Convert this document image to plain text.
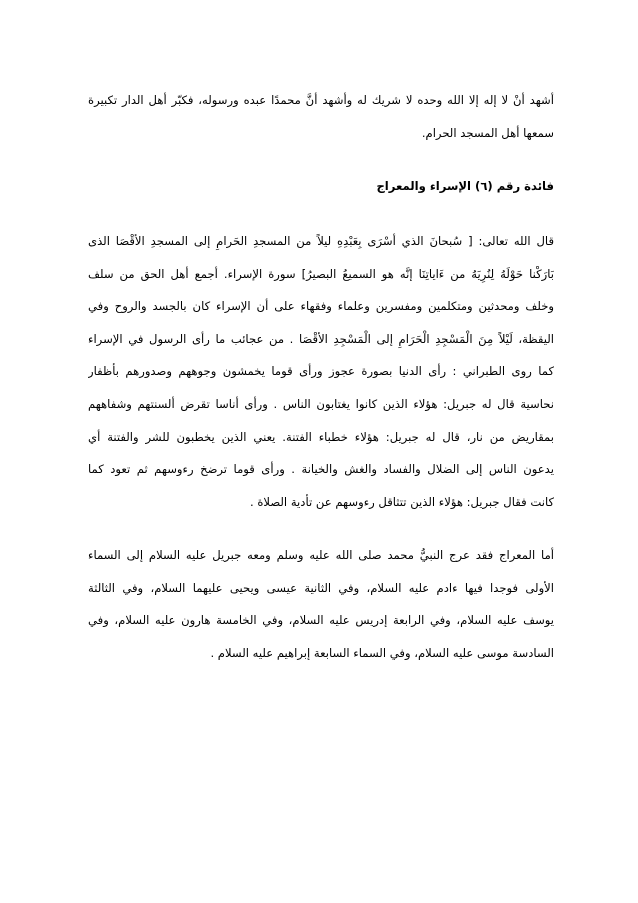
أشهد أنْ لا إله إلا الله وحده لا شريك له وأشهد أنَّ محمدًا عبده ورسوله، فكبّر أهل الدار تكبيرة
سمعها أهل المسجد الحرام.
فائدة رقم (٦) الإسراء والمعراج
قال الله تعالى: [ سُبحانَ الذي أسْرَى بِعَبْدِهِ ليلاً من المسجدِ الحَرامِ إلى المسجدِ الأقْصَا الذى
بَارَكْنا حَوْلَهُ لِنُرِيَهُ من ءَاياتِنَا إنَّه هو السميعُ البصيرُ] سورة الإسراء. أجمع أهل الحق من سلف
وخلف ومحدثين ومتكلمين ومفسرين وعلماء وفقهاء على أن الإسراء كان بالجسد والروح وفي
اليقظة، لَيْلاً مِنَ الْمَسْجِدِ الْحَرَامِ إلى الْمَسْجِدِ الأقْصَا . من عجائب ما رأى الرسول في الإسراء
كما روى الطبراني : رأى الدنيا بصورة عجوز ورأى قوما يخمشون وجوههم وصدورهم بأظفار
نحاسية قال له جبريل: هؤلاء الذين كانوا يغتابون الناس . ورأى أناسا تقرض ألسنتهم وشفاههم
بمقاريض من نار، قال له جبريل: هؤلاء خطباء الفتنة. يعني الذين يخطبون للشر والفتنة أي
يدعون الناس إلى الضلال والفساد والغش والخيانة . ورأى قوما ترضخ رءوسهم ثم تعود كما
كانت فقال جبريل: هؤلاء الذين تتثاقل رءوسهم عن تأدية الصلاة .
أما المعراج فقد عرج النبيُّ محمد صلى الله عليه وسلم ومعه جبريل عليه السلام إلى السماء
الأولى فوجدا فيها ءادم عليه السلام، وفي الثانية عيسى ويحيى عليهما السلام، وفي الثالثة
يوسف عليه السلام، وفي الرابعة إدريس عليه السلام، وفي الخامسة هارون عليه السلام، وفي
السادسة موسى عليه السلام، وفي السماء السابعة إبراهيم عليه السلام .
